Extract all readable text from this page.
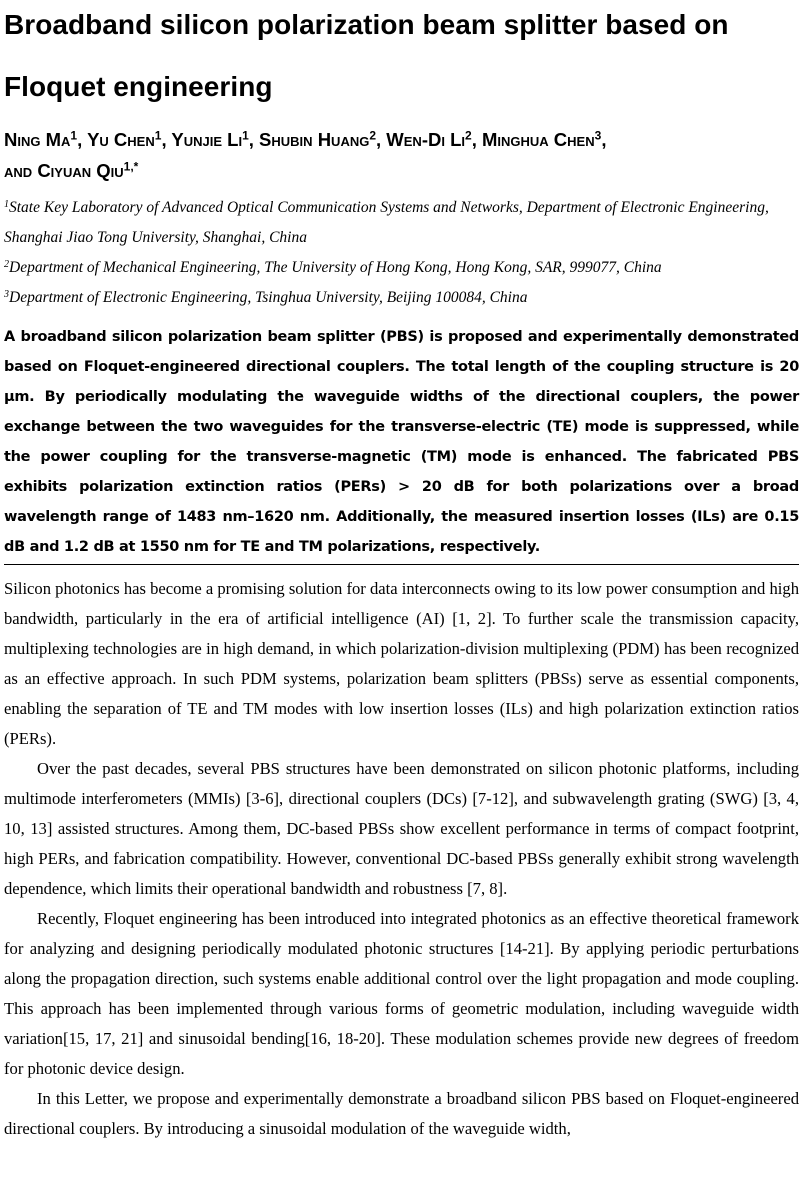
Broadband silicon polarization beam splitter based on Floquet engineering
Ning Ma$^1$, Yu Chen$^1$, Yunjie Li$^1$, Shubin Huang$^2$, Wen-Di Li$^2$, Minghua Chen$^3$,
and Ciyuan Qiu$^{1,*}$

$^1$State Key Laboratory of Advanced Optical Communication Systems and Networks, Department of Electronic Engineering, Shanghai Jiao Tong University, Shanghai, China

$^2$Department of Mechanical Engineering, The University of Hong Kong, Hong Kong, SAR, 999077, China

$^3$Department of Electronic Engineering, Tsinghua University, Beijing 100084, China

A broadband silicon polarization beam splitter (PBS) is proposed and experimentally demonstrated based on Floquet-engineered directional couplers. The total length of the coupling structure is 20 μm. By periodically modulating the waveguide widths of the directional couplers, the power exchange between the two waveguides for the transverse-electric (TE) mode is suppressed, while the power coupling for the transverse-magnetic (TM) mode is enhanced. The fabricated PBS exhibits polarization extinction ratios (PERs) > 20 dB for both polarizations over a broad wavelength range of 1483 nm–1620 nm. Additionally, the measured insertion losses (ILs) are 0.15 dB and 1.2 dB at 1550 nm for TE and TM polarizations, respectively.

Silicon photonics has become a promising solution for data interconnects owing to its low power consumption and high bandwidth, particularly in the era of artificial intelligence (AI) [1, 2]. To further scale the transmission capacity, multiplexing technologies are in high demand, in which polarization-division multiplexing (PDM) has been recognized as an effective approach. In such PDM systems, polarization beam splitters (PBSs) serve as essential components, enabling the separation of TE and TM modes with low insertion losses (ILs) and high polarization extinction ratios (PERs).

Over the past decades, several PBS structures have been demonstrated on silicon photonic platforms, including multimode interferometers (MMIs) [3-6], directional couplers (DCs) [7-12], and subwavelength grating (SWG) [3, 4, 10, 13] assisted structures. Among them, DC-based PBSs show excellent performance in terms of compact footprint, high PERs, and fabrication compatibility. However, conventional DC-based PBSs generally exhibit strong wavelength dependence, which limits their operational bandwidth and robustness [7, 8].

Recently, Floquet engineering has been introduced into integrated photonics as an effective theoretical framework for analyzing and designing periodically modulated photonic structures [14-21]. By applying periodic perturbations along the propagation direction, such systems enable additional control over the light propagation and mode coupling. This approach has been implemented through various forms of geometric modulation, including waveguide width variation[15, 17, 21] and sinusoidal bending[16, 18-20]. These modulation schemes provide new degrees of freedom for photonic device design.

In this Letter, we propose and experimentally demonstrate a broadband silicon PBS based on Floquet-engineered directional couplers. By introducing a sinusoidal modulation of the waveguide width,
